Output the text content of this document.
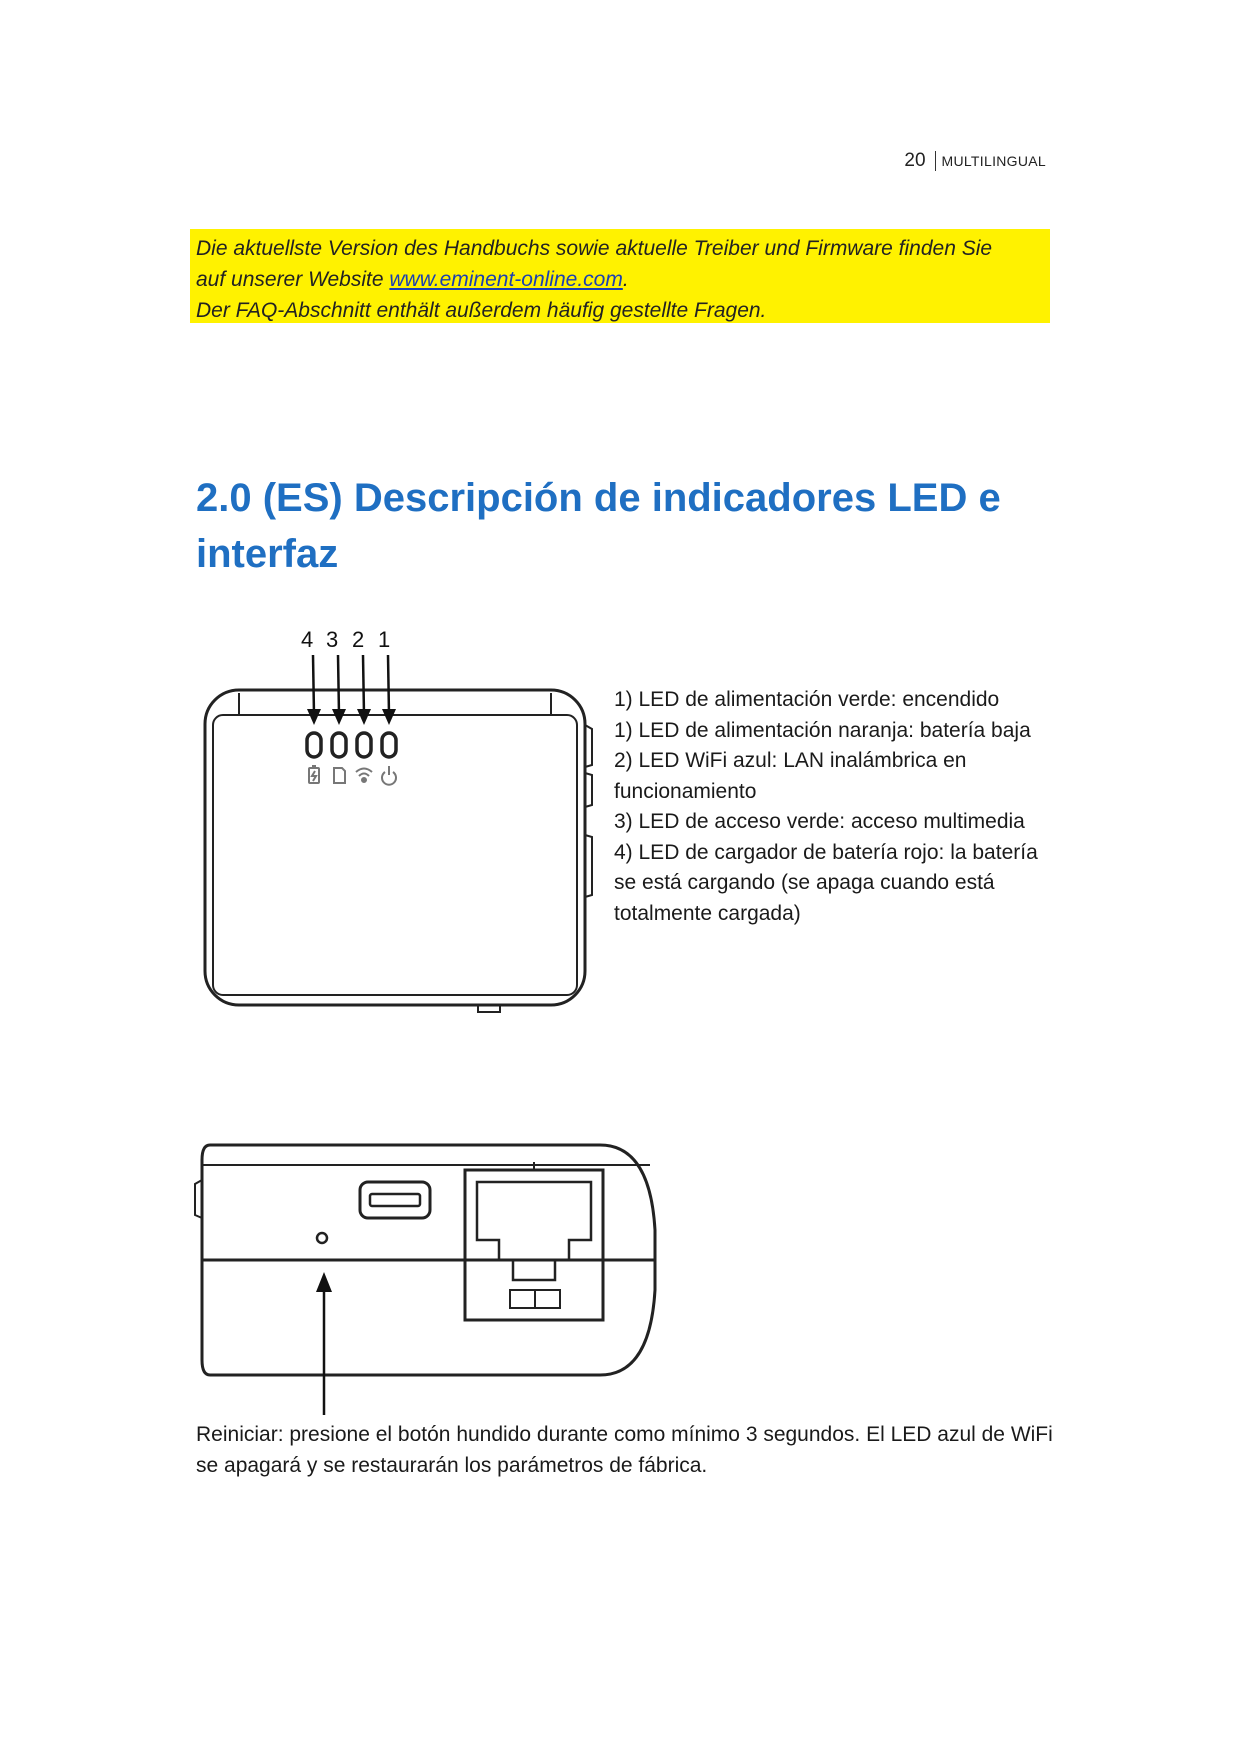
20 MULTILINGUAL

Die aktuellste Version des Handbuchs sowie aktuelle Treiber und Firmware finden Sie

auf unserer Website www.eminent-online.com.

Der FAQ-Abschnitt enthält außerdem häufig gestellte Fragen.

2.0 (ES) Descripción de indicadores LED e interfaz
4 3 2 1
1) LED de alimentación verde: encendido
1) LED de alimentación naranja: batería baja
2) LED WiFi azul: LAN inalámbrica en funcionamiento
3) LED de acceso verde: acceso multimedia
4) LED de cargador de batería rojo: la batería se está cargando (se apaga cuando está totalmente cargada)
Reiniciar: presione el botón hundido durante como mínimo 3 segundos. El LED azul de WiFi se apagará y se restaurarán los parámetros de fábrica.
